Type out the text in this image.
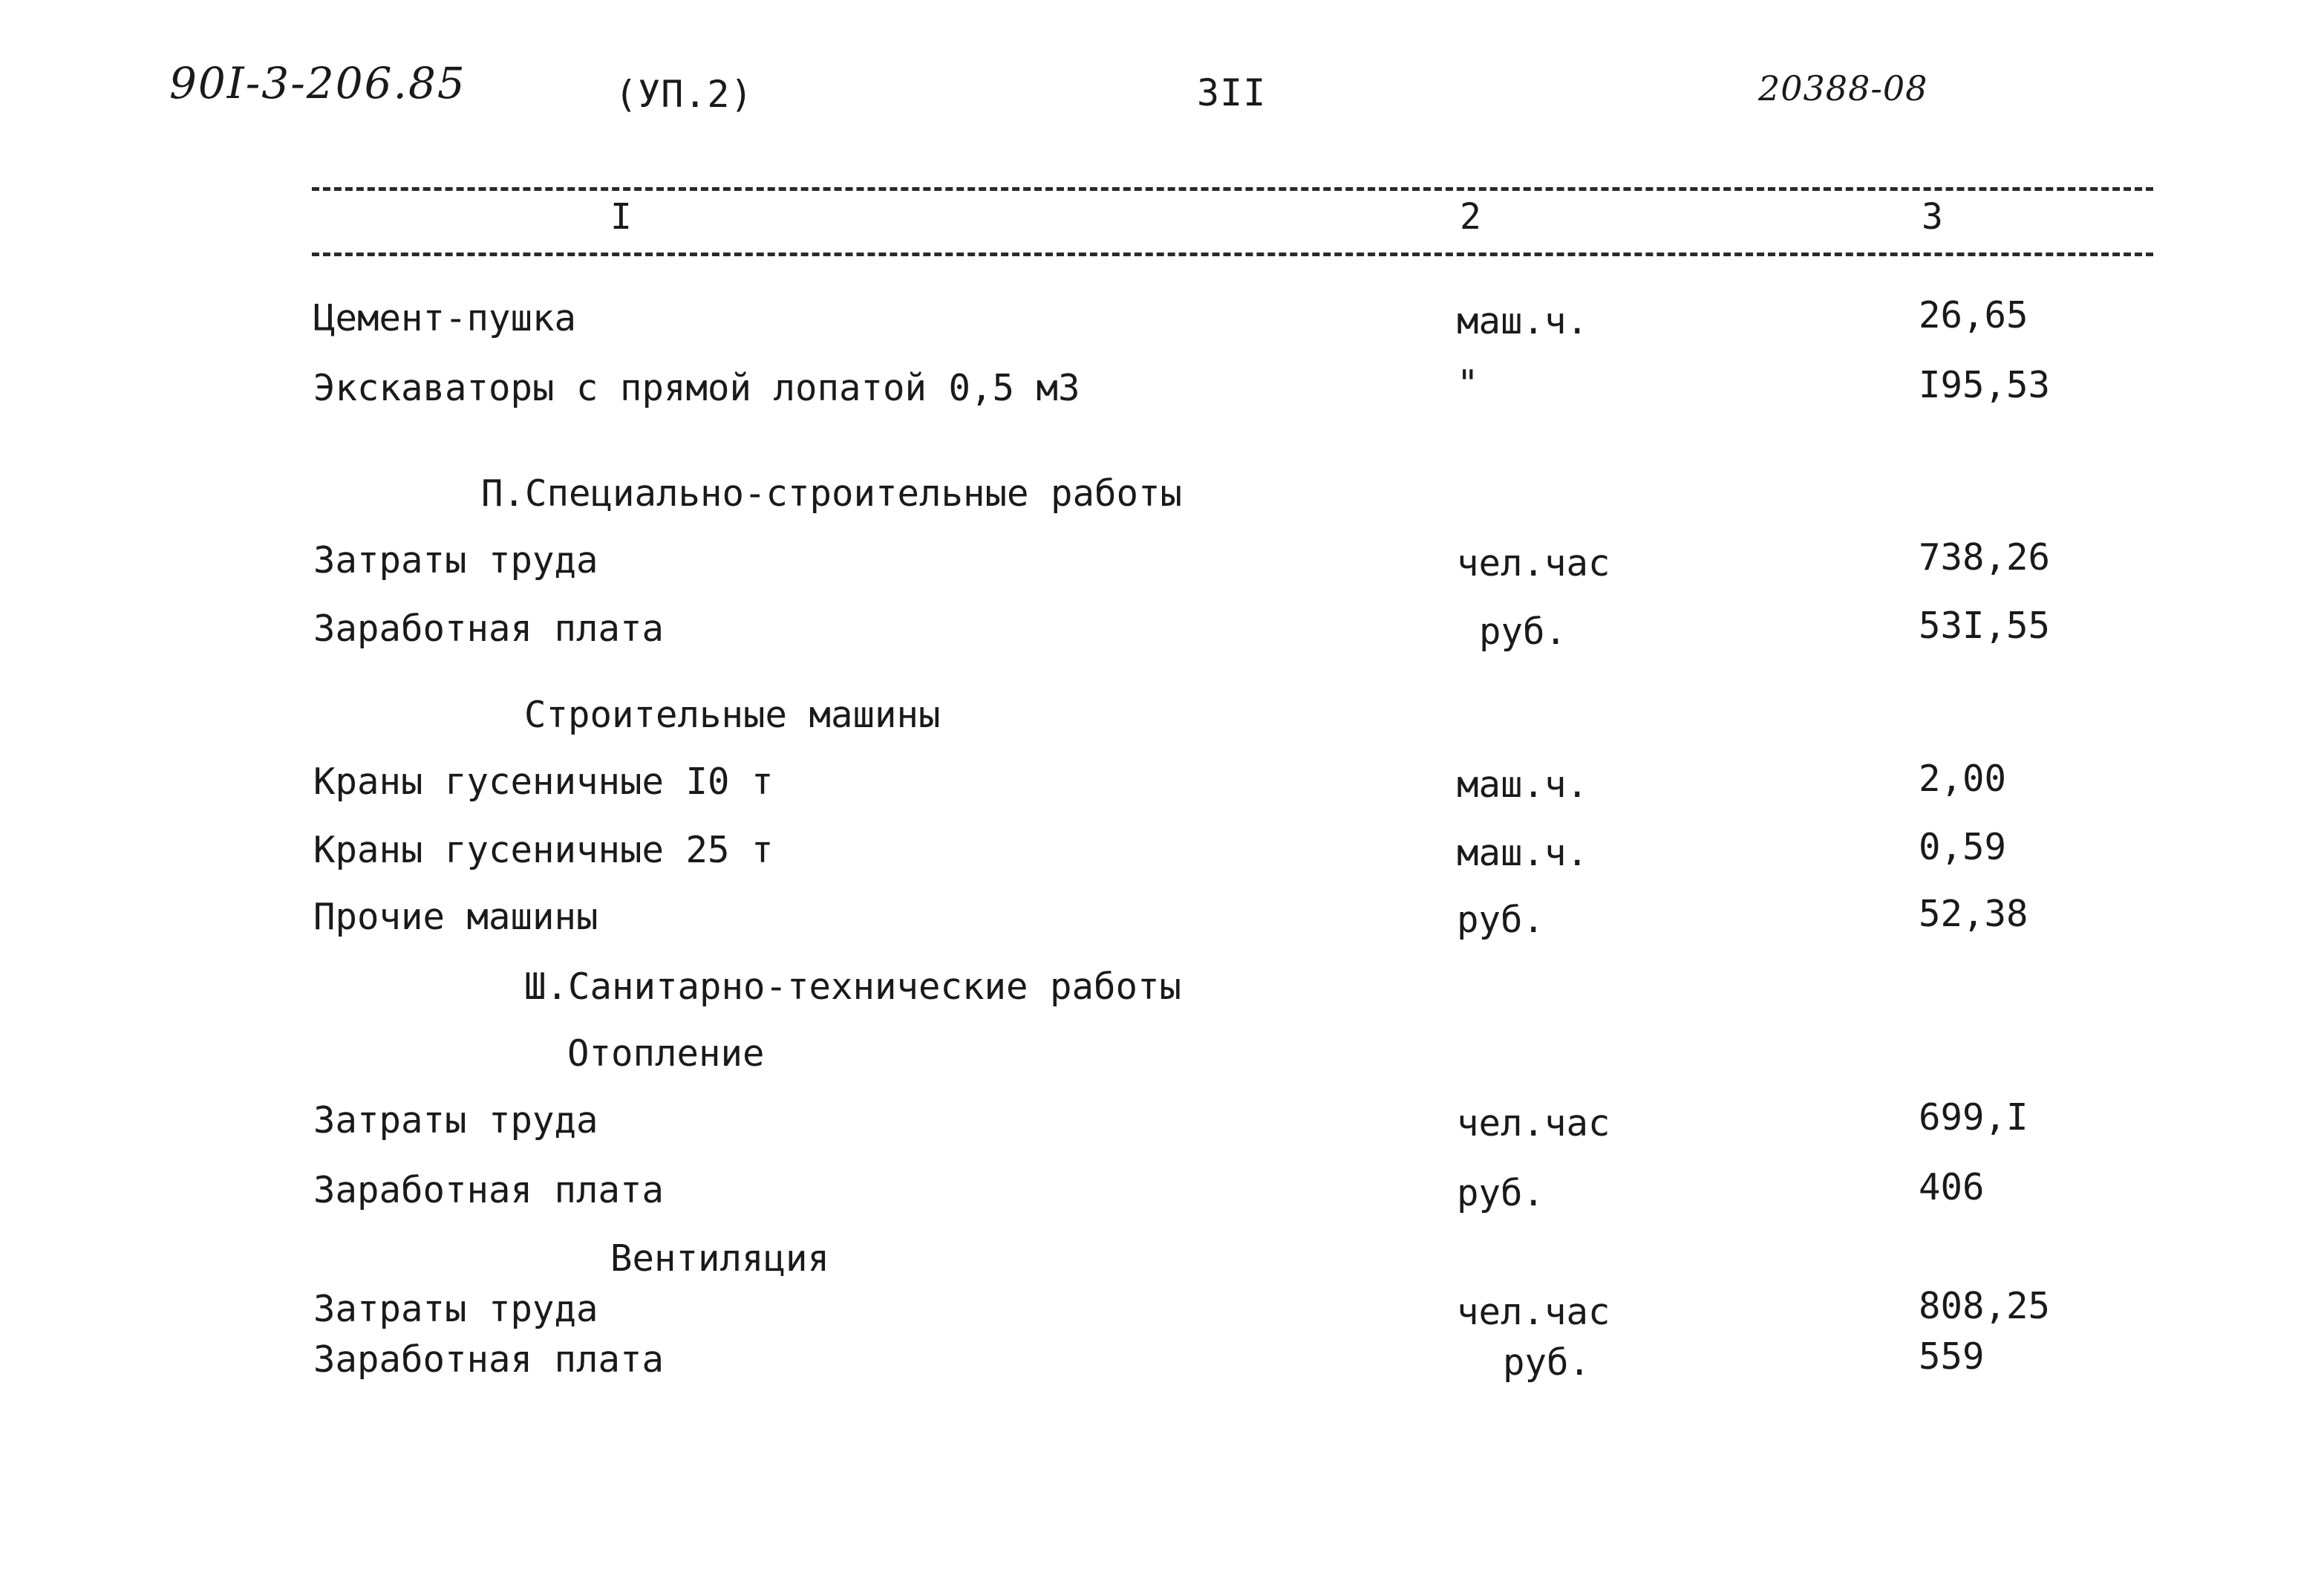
90I-3-206.85	(УП.2)	3II	20388-08
I	2	3
Цемент-пушка	маш.ч.	26,65
Экскаваторы с прямой лопатой 0,5 м3	"	I95,53
П.Специально-строительные работы
Затраты труда	чел.час	738,26
Заработная плата	руб.	53I,55
Строительные машины
Краны гусеничные I0 т	маш.ч.	2,00
Краны гусеничные 25 т	маш.ч.	0,59
Прочие машины	руб.	52,38
Ш.Санитарно-технические работы
Отопление
Затраты труда	чел.час	699,I
Заработная плата	руб.	406
Вентиляция
Затраты труда	чел.час	808,25
Заработная плата	руб.	559
